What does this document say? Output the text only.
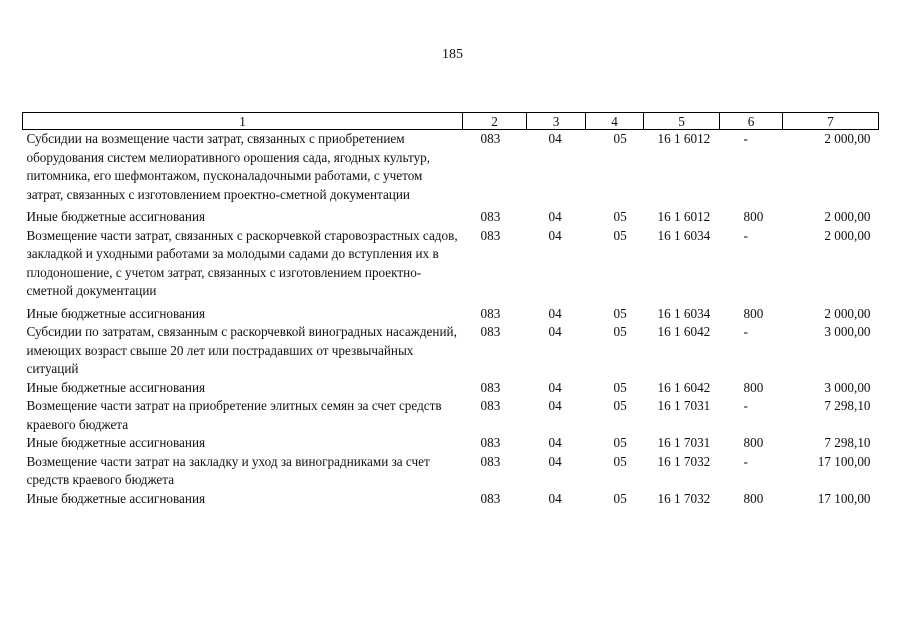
185
1	2	3	4	5	6	7
Субсидии на возмещение части затрат, связанных с приобретением оборудования систем мелиоративного орошения сада, ягодных культур, питомника, его шефмонтажом, пусконаладочными работами, с учетом затрат, связанных с изготовлением проектно-сметной документации	083	04	05	16 1 6012	-	2 000,00
Иные бюджетные ассигнования	083	04	05	16 1 6012	800	2 000,00
Возмещение части затрат, связанных с раскорчевкой старовозрастных садов, закладкой и уходными работами за молодыми садами до вступления их в плодоношение, с учетом затрат, связанных с изготовлением проектно-сметной документации	083	04	05	16 1 6034	-	2 000,00
Иные бюджетные ассигнования	083	04	05	16 1 6034	800	2 000,00
Субсидии по затратам, связанным с раскорчевкой виноградных насаждений, имеющих возраст свыше 20 лет или пострадавших от чрезвычайных ситуаций	083	04	05	16 1 6042	-	3 000,00
Иные бюджетные ассигнования	083	04	05	16 1 6042	800	3 000,00
Возмещение части затрат на приобретение элитных семян за счет средств краевого бюджета	083	04	05	16 1 7031	-	7 298,10
Иные бюджетные ассигнования	083	04	05	16 1 7031	800	7 298,10
Возмещение части затрат на закладку и уход за виноградниками за счет средств краевого бюджета	083	04	05	16 1 7032	-	17 100,00
Иные бюджетные ассигнования	083	04	05	16 1 7032	800	17 100,00
